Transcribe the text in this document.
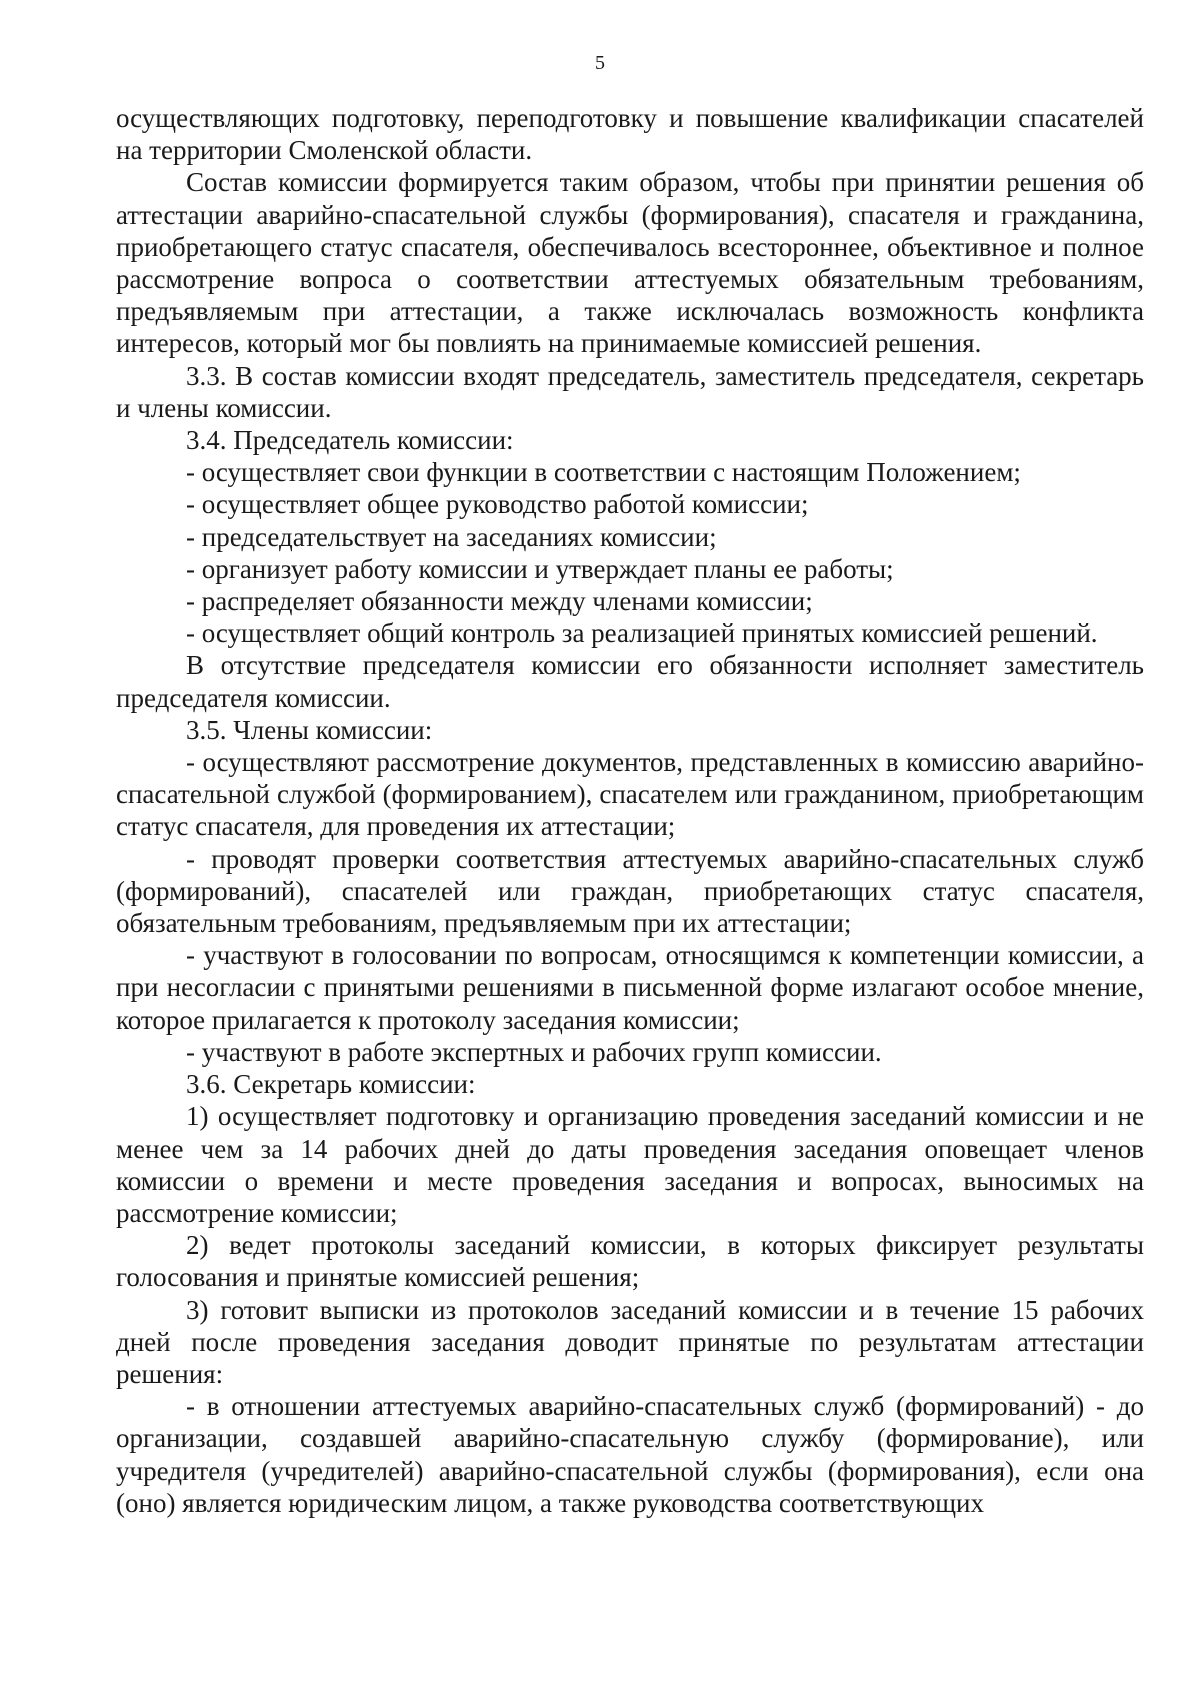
5

осуществляющих подготовку, переподготовку и повышение квалификации спасателей на территории Смоленской области.

Состав комиссии формируется таким образом, чтобы при принятии решения об аттестации аварийно-спасательной службы (формирования), спасателя и гражданина, приобретающего статус спасателя, обеспечивалось всестороннее, объективное и полное рассмотрение вопроса о соответствии аттестуемых обязательным требованиям, предъявляемым при аттестации, а также исключалась возможность конфликта интересов, который мог бы повлиять на принимаемые комиссией решения.

3.3. В состав комиссии входят председатель, заместитель председателя, секретарь и члены комиссии.

3.4. Председатель комиссии:

- осуществляет свои функции в соответствии с настоящим Положением;

- осуществляет общее руководство работой комиссии;

- председательствует на заседаниях комиссии;

- организует работу комиссии и утверждает планы ее работы;

- распределяет обязанности между членами комиссии;

- осуществляет общий контроль за реализацией принятых комиссией решений.

В отсутствие председателя комиссии его обязанности исполняет заместитель председателя комиссии.

3.5. Члены комиссии:

- осуществляют рассмотрение документов, представленных в комиссию аварийно-спасательной службой (формированием), спасателем или гражданином, приобретающим статус спасателя, для проведения их аттестации;

- проводят проверки соответствия аттестуемых аварийно-спасательных служб (формирований), спасателей или граждан, приобретающих статус спасателя, обязательным требованиям, предъявляемым при их аттестации;

- участвуют в голосовании по вопросам, относящимся к компетенции комиссии, а при несогласии с принятыми решениями в письменной форме излагают особое мнение, которое прилагается к протоколу заседания комиссии;

- участвуют в работе экспертных и рабочих групп комиссии.

3.6. Секретарь комиссии:

1) осуществляет подготовку и организацию проведения заседаний комиссии и не менее чем за 14 рабочих дней до даты проведения заседания оповещает членов комиссии о времени и месте проведения заседания и вопросах, выносимых на рассмотрение комиссии;

2) ведет протоколы заседаний комиссии, в которых фиксирует результаты голосования и принятые комиссией решения;

3) готовит выписки из протоколов заседаний комиссии и в течение 15 рабочих дней после проведения заседания доводит принятые по результатам аттестации решения:

- в отношении аттестуемых аварийно-спасательных служб (формирований) - до организации, создавшей аварийно-спасательную службу (формирование), или учредителя (учредителей) аварийно-спасательной службы (формирования), если она (оно) является юридическим лицом, а также руководства соответствующих
